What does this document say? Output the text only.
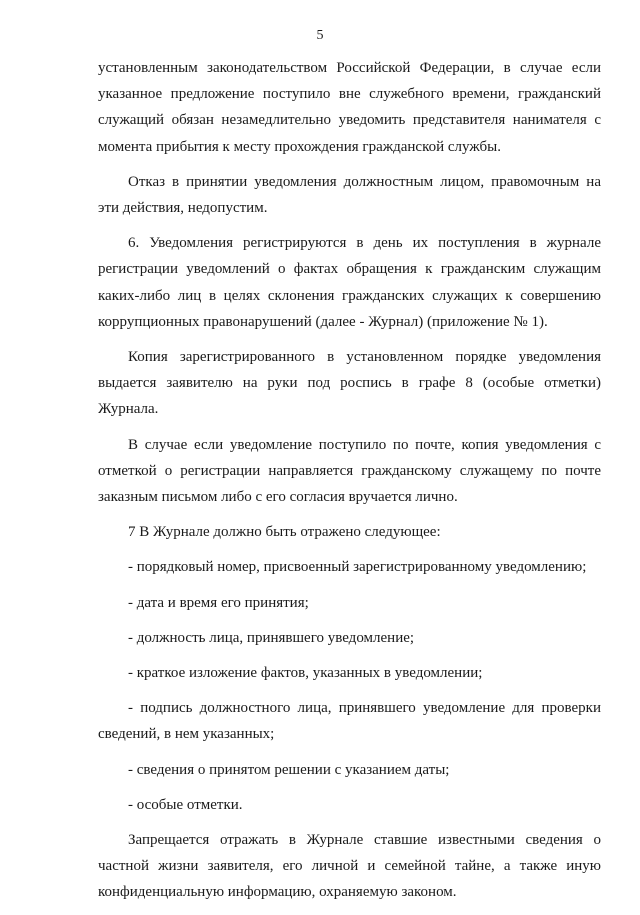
5

установленным законодательством Российской Федерации, в случае если указанное предложение поступило вне служебного времени, гражданский служащий обязан незамедлительно уведомить представителя нанимателя с момента прибытия к месту прохождения гражданской службы.

Отказ в принятии уведомления должностным лицом, правомочным на эти действия, недопустим.

6. Уведомления регистрируются в день их поступления в журнале регистрации уведомлений о фактах обращения к гражданским служащим каких-либо лиц в целях склонения гражданских служащих к совершению коррупционных правонарушений (далее - Журнал) (приложение № 1).

Копия зарегистрированного в установленном порядке уведомления выдается заявителю на руки под роспись в графе 8 (особые отметки) Журнала.

В случае если уведомление поступило по почте, копия уведомления с отметкой о регистрации направляется гражданскому служащему по почте заказным письмом либо с его согласия вручается лично.

7 В Журнале должно быть отражено следующее:

- порядковый номер, присвоенный зарегистрированному уведомлению;

- дата и время его принятия;

- должность лица, принявшего уведомление;

- краткое изложение фактов, указанных в уведомлении;

- подпись должностного лица, принявшего уведомление для проверки сведений, в нем указанных;

- сведения о принятом решении с указанием даты;

- особые отметки.

Запрещается отражать в Журнале ставшие известными сведения о частной жизни заявителя, его личной и семейной тайне, а также иную конфиденциальную информацию, охраняемую законом.
